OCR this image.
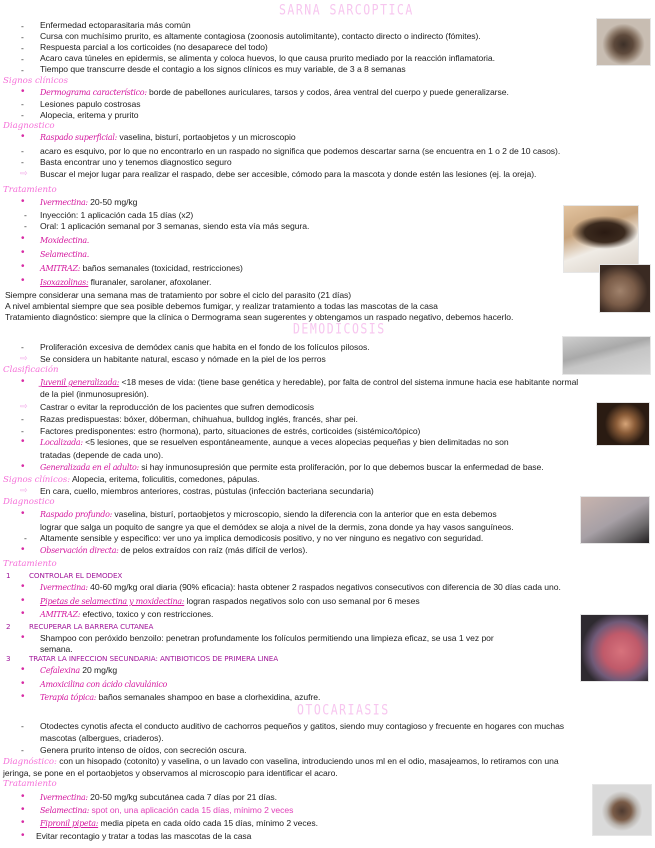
SARNA SARCOPTICA
- Enfermedad ectoparasitaria más común
- Cursa con muchísimo prurito, es altamente contagiosa (zoonosis autolimitante), contacto directo o indirecto (fómites).
- Respuesta parcial a los corticoides (no desaparece del todo)
- Acaro cava túneles en epidermis, se alimenta y coloca huevos, lo que causa prurito mediado por la reacción inflamatoria.
- Tiempo que transcurre desde el contagio a los signos clínicos es muy variable, de 3 a 8 semanas
Signos clínicos
• Dermograma característico: borde de pabellones auriculares, tarsos y codos, área ventral del cuerpo y puede generalizarse.
- Lesiones papulo costrosas
- Alopecia, eritema y prurito
Diagnostico
• Raspado superficial: vaselina, bisturí, portaobjetos y un microscopio
- acaro es esquivo, por lo que no encontrarlo en un raspado no significa que podemos descartar sarna (se encuentra en 1 o 2 de 10 casos).
- Basta encontrar uno y tenemos diagnostico seguro
⇨ Buscar el mejor lugar para realizar el raspado, debe ser accesible, cómodo para la mascota y donde estén las lesiones (ej. la oreja).
Tratamiento
• Ivermectina: 20-50 mg/kg
- Inyección: 1 aplicación cada 15 días (x2)
- Oral: 1 aplicación semanal por 3 semanas, siendo esta vía más segura.
• Moxidectina.
• Selamectina.
• AMITRAZ: baños semanales (toxicidad, restricciones)
• Isoxazolinas: fluranaler, sarolaner, afoxolaner.
Siempre considerar una semana mas de tratamiento por sobre el ciclo del parasito (21 días)
A nivel ambiental siempre que sea posible debemos fumigar, y realizar tratamiento a todas las mascotas de la casa
Tratamiento diagnóstico: siempre que la clínica o Dermograma sean sugerentes y obtengamos un raspado negativo, debemos hacerlo.
DEMODICOSIS
- Proliferación excesiva de demódex canis que habita en el fondo de los folículos pilosos.
⇨ Se considera un habitante natural, escaso y nómade en la piel de los perros
Clasificación
• Juvenil generalizada: <18 meses de vida: (tiene base genética y heredable), por falta de control del sistema inmune hacia ese habitante normal
de la piel (inmunosupresión).
⇨ Castrar o evitar la reproducción de los pacientes que sufren demodicosis
- Razas predispuestas: bóxer, dóberman, chihuahua, bulldog inglés, francés, shar pei.
- Factores predisponentes: estro (hormona), parto, situaciones de estrés, corticoides (sistémico/tópico)
• Localizada: <5 lesiones, que se resuelven espontáneamente, aunque a veces alopecias pequeñas y bien delimitadas no son
tratadas (depende de cada uno).
• Generalizada en el adulto: si hay inmunosupresión que permite esta proliferación, por lo que debemos buscar la enfermedad de base.
Signos clínicos: Alopecia, eritema, foliculitis, comedones, pápulas.
⇨ En cara, cuello, miembros anteriores, costras, pústulas (infección bacteriana secundaria)
Diagnostico
• Raspado profundo: vaselina, bisturí, portaobjetos y microscopio, siendo la diferencia con la anterior que en esta debemos
lograr que salga un poquito de sangre ya que el demódex se aloja a nivel de la dermis, zona donde ya hay vasos sanguíneos.
- Altamente sensible y especifico: ver uno ya implica demodicosis positivo, y no ver ninguno es negativo con seguridad.
• Observación directa: de pelos extraídos con raíz (más difícil de verlos).
Tratamiento
1	CONTROLAR EL DEMODEX
• Ivermectina: 40-60 mg/kg oral diaria (90% eficacia): hasta obtener 2 raspados negativos consecutivos con diferencia de 30 días cada uno.
• Pipetas de selamectina y moxidectina: logran raspados negativos solo con uso semanal por 6 meses
• AMITRAZ: efectivo, toxico y con restricciones.
2	RECUPERAR LA BARRERA CUTANEA
• Shampoo con peróxido benzoilo: penetran profundamente los folículos permitiendo una limpieza eficaz, se usa 1 vez por
semana.
3	TRATAR LA INFECCION SECUNDARIA: ANTIBIOTICOS DE PRIMERA LINEA
• Cefalexina 20 mg/kg
• Amoxicilina con ácido clavulánico
• Terapia tópica: baños semanales shampoo en base a clorhexidina, azufre.
OTOCARIASIS
- Otodectes cynotis afecta el conducto auditivo de cachorros pequeños y gatitos, siendo muy contagioso y frecuente en hogares con muchas
mascotas (albergues, criaderos).
- Genera prurito intenso de oídos, con secreción oscura.
Diagnóstico: con un hisopado (cotonito) y vaselina, o un lavado con vaselina, introduciendo unos ml en el odio, masajeamos, lo retiramos con una
jeringa, se pone en el portaobjetos y observamos al microscopio para identificar el acaro.
Tratamiento
• Ivermectina: 20-50 mg/kg subcutánea cada 7 días por 21 días.
• Selamectina: spot on, una aplicación cada 15 días, mínimo 2 veces
• Fipronil pipeta: media pipeta en cada oído cada 15 días, mínimo 2 veces.
• Evitar recontagio y tratar a todas las mascotas de la casa
